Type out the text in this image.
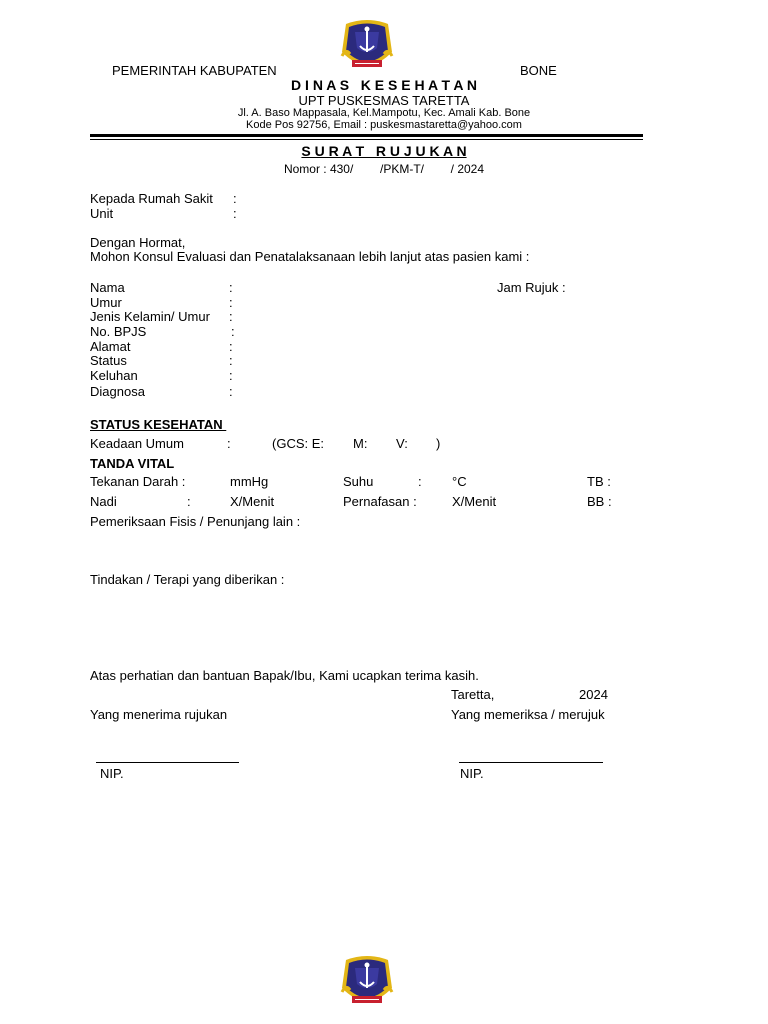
PEMERINTAH KABUPATEN	BONE
D I N A S   K E S E H A T A N
UPT PUSKESMAS TARETTA
Jl. A. Baso Mappasala, Kel.Mampotu, Kec. Amali Kab. Bone
Kode Pos 92756, Email : puskesmastaretta@yahoo.com
S U R A T   R U J U K A N
Nomor : 430/        /PKM-T/        / 2024
Kepada Rumah Sakit :
Unit	:
Dengan Hormat,
Mohon Konsul Evaluasi dan Penatalaksanaan lebih lanjut atas pasien kami :
Nama	:
Umur	:
Jenis Kelamin/ Umur :
No. BPJS	:
Alamat	:
Status	:
Keluhan	:
Diagnosa	:
Jam Rujuk :
STATUS KESEHATAN
Keadaan Umum	:	(GCS: E: M: V: )
TANDA VITAL
Tekanan Darah :	mmHg	Suhu	: °C	TB :
Nadi	:	X/Menit	Pernafasan :	X/Menit	BB :
Pemeriksaan Fisis / Penunjang lain :
Tindakan / Terapi yang diberikan :
Atas perhatian dan bantuan Bapak/Ibu, Kami ucapkan terima kasih.
Taretta,	2024
Yang menerima rujukan	Yang memeriksa / merujuk
NIP.	NIP.
